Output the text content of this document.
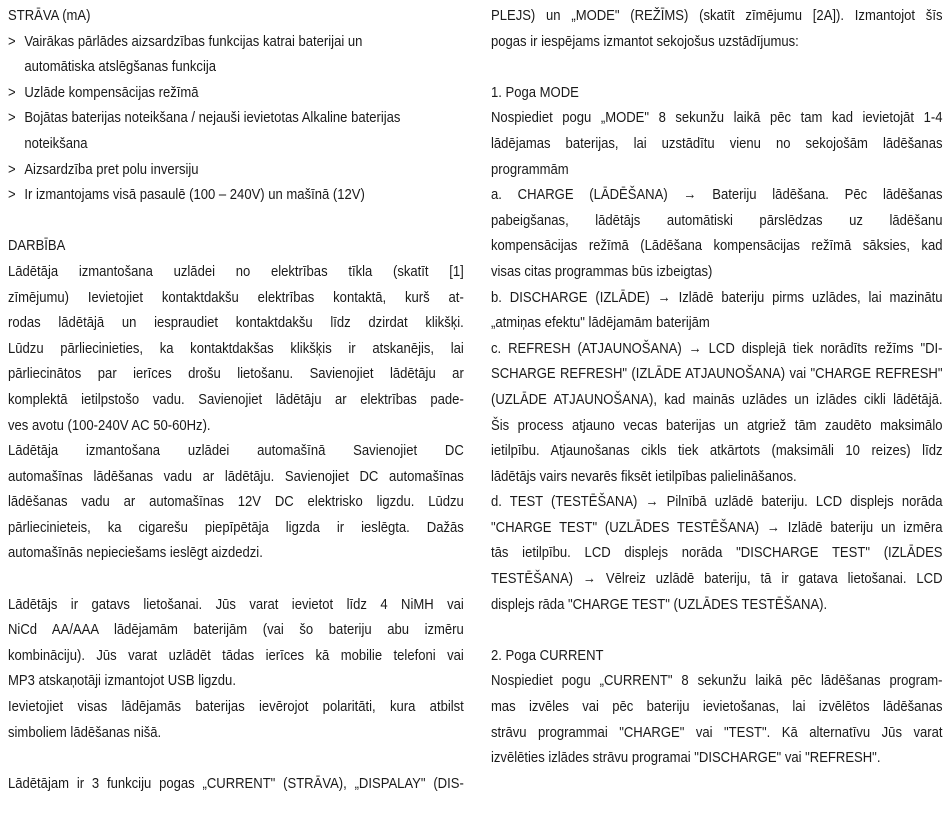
STRĀVA (mA)
> Vairākas pārlādes aizsardzības funkcijas katrai baterijai un
automātiska atslēgšanas funkcija
> Uzlāde kompensācijas režīmā
> Bojātas baterijas noteikšana / nejauši ievietotas Alkaline baterijas
noteikšana
> Aizsardzība pret polu inversiju
> Ir izmantojams visā pasaulē (100 – 240V) un mašīnā (12V)
DARBĪBA
Lādētāja izmantošana uzlādei no elektrības tīkla (skatīt [1]
zīmējumu) Ievietojiet kontaktdakšu elektrības kontaktā, kurš at-
rodas lādētājā un iespraudiet kontaktdakšu līdz dzirdat klikšķi.
Lūdzu pārliecinieties, ka kontaktdakšas klikšķis ir atskanējis, lai
pārliecinātos par ierīces drošu lietošanu. Savienojiet lādētāju ar
komplektā ietilpstošo vadu. Savienojiet lādētāju ar elektrības pade-
ves avotu (100-240V AC 50-60Hz).
Lādētāja izmantošana uzlādei automašīnā Savienojiet DC
automašīnas lādēšanas vadu ar lādētāju. Savienojiet DC automašīnas
lādēšanas vadu ar automašīnas 12V DC elektrisko ligzdu. Lūdzu
pārliecinieteis, ka cigarešu piepīpētāja ligzda ir ieslēgta. Dažās
automašīnās nepieciešams ieslēgt aizdedzi.
Lādētājs ir gatavs lietošanai. Jūs varat ievietot līdz 4 NiMH vai
NiCd AA/AAA lādējamām baterijām (vai šo bateriju abu izmēru
kombināciju). Jūs varat uzlādēt tādas ierīces kā mobilie telefoni vai
MP3 atskaņotāji izmantojot USB ligzdu.
Ievietojiet visas lādējamās baterijas ievērojot polaritāti, kura atbilst
simboliem lādēšanas nišā.
Lādētājam ir 3 funkciju pogas „CURRENT" (STRĀVA), „DISPALAY" (DIS-
PLEJS) un „MODE" (REŽĪMS) (skatīt zīmējumu [2A]). Izmantojot šīs
pogas ir iespējams izmantot sekojošus uzstādījumus:
1. Poga MODE
Nospiediet pogu „MODE" 8 sekunžu laikā pēc tam kad ievietojāt 1-4
lādējamas baterijas, lai uzstādītu vienu no sekojošām lādēšanas
programmām
a. CHARGE (LĀDĒŠANA) → Bateriju lādēšana. Pēc lādēšanas
pabeigšanas, lādētājs automātiski pārslēdzas uz lādēšanu
kompensācijas režīmā (Lādēšana kompensācijas režīmā sāksies, kad
visas citas programmas būs izbeigtas)
b. DISCHARGE (IZLĀDE) → Izlādē bateriju pirms uzlādes, lai mazinātu
„atmiņas efektu" lādējamām baterijām
c. REFRESH (ATJAUNOŠANA) → LCD displejā tiek norādīts režīms "DI-
SCHARGE REFRESH" (IZLĀDE ATJAUNOŠANA) vai "CHARGE REFRESH"
(UZLĀDE ATJAUNOŠANA), kad mainās uzlādes un izlādes cikli lādētājā.
Šis process atjauno vecas baterijas un atgriež tām zaudēto maksimālo
ietilpību. Atjaunošanas cikls tiek atkārtots (maksimāli 10 reizes) līdz
lādētājs vairs nevarēs fiksēt ietilpības palielināšanos.
d. TEST (TESTĒŠANA) → Pilnībā uzlādē bateriju. LCD displejs norāda
"CHARGE TEST" (UZLĀDES TESTĒŠANA) → Izlādē bateriju un izmēra
tās ietilpību. LCD displejs norāda "DISCHARGE TEST" (IZLĀDES
TESTĒŠANA) → Vēlreiz uzlādē bateriju, tā ir gatava lietošanai. LCD
displejs rāda "CHARGE TEST" (UZLĀDES TESTĒŠANA).
2. Poga CURRENT
Nospiediet pogu „CURRENT" 8 sekunžu laikā pēc lādēšanas program-
mas izvēles vai pēc bateriju ievietošanas, lai izvēlētos lādēšanas
strāvu programmai "CHARGE" vai "TEST". Kā alternatīvu Jūs varat
izvēlēties izlādes strāvu programai "DISCHARGE" vai "REFRESH".
